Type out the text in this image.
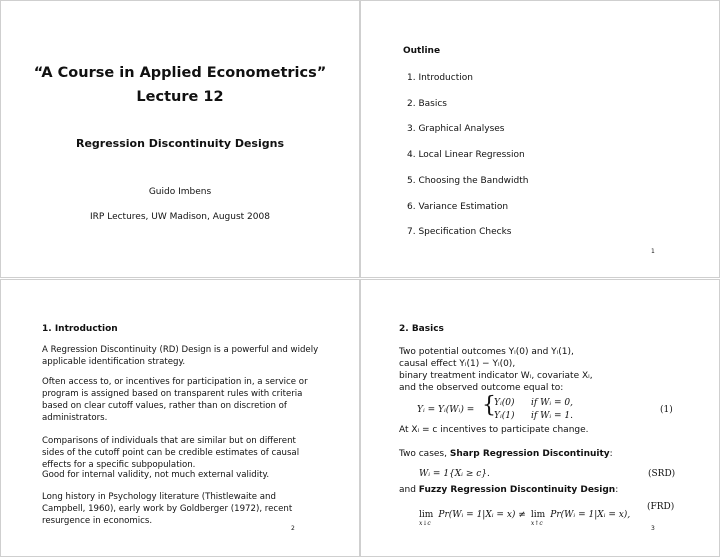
“A Course in Applied Econometrics”
Lecture 12
Regression Discontinuity Designs
Guido Imbens
IRP Lectures, UW Madison, August 2008
Outline
1. Introduction
2. Basics
3. Graphical Analyses
4. Local Linear Regression
5. Choosing the Bandwidth
6. Variance Estimation
7. Specification Checks
1
1. Introduction
A Regression Discontinuity (RD) Design is a powerful and widely applicable identification strategy.
Often access to, or incentives for participation in, a service or program is assigned based on transparent rules with criteria based on clear cutoff values, rather than on discretion of administrators.
Comparisons of individuals that are similar but on different sides of the cutoff point can be credible estimates of causal effects for a specific subpopulation.
Good for internal validity, not much external validity.
Long history in Psychology literature (Thistlewaite and Campbell, 1960), early work by Goldberger (1972), recent resurgence in economics.
2
2. Basics
Two potential outcomes Yᵢ(0) and Yᵢ(1),
causal effect Yᵢ(1) − Yᵢ(0),
binary treatment indicator Wᵢ, covariate Xᵢ,
and the observed outcome equal to:
Yᵢ = Yᵢ(Wᵢ) = {
Yᵢ(0) if Wᵢ = 0,
Yᵢ(1) if Wᵢ = 1.
(1)
At Xᵢ = c incentives to participate change.
Two cases, Sharp Regression Discontinuity:
Wᵢ = 1{Xᵢ ≥ c}.	(SRD)
and Fuzzy Regression Discontinuity Design:
lim
x↓c
Pr(Wᵢ = 1|Xᵢ = x) ≠ lim
x↑c
Pr(Wᵢ = 1|Xᵢ = x),
(FRD)
3
